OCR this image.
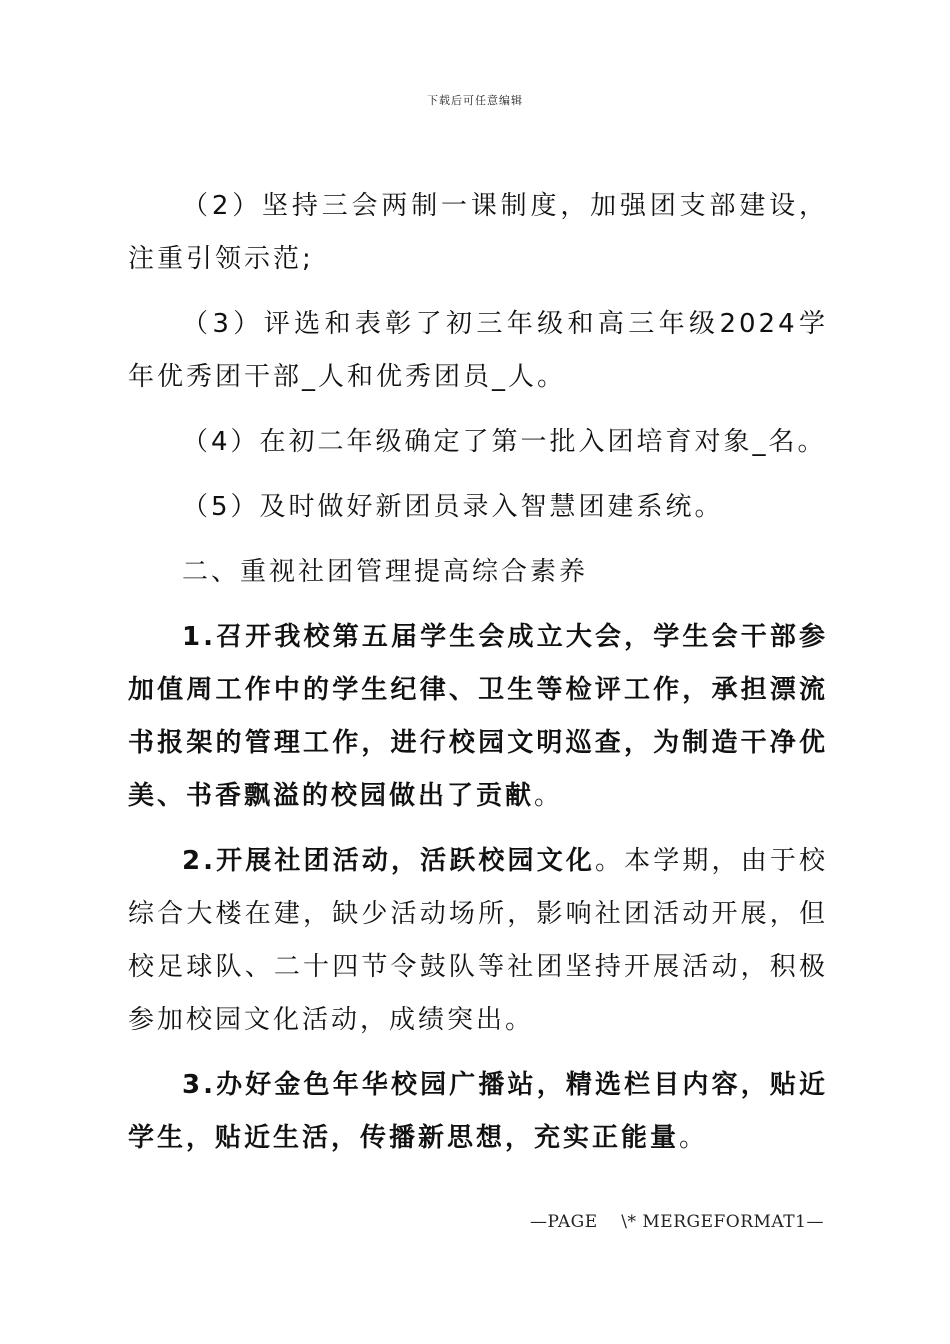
下载后可任意编辑

（2）坚持三会两制一课制度，加强团支部建设，注重引领示范;

（3）评选和表彰了初三年级和高三年级2024学年优秀团干部_人和优秀团员_人。

（4）在初二年级确定了第一批入团培育对象_名。

（5）及时做好新团员录入智慧团建系统。

二、重视社团管理提高综合素养

1.召开我校第五届学生会成立大会，学生会干部参加值周工作中的学生纪律、卫生等检评工作，承担漂流书报架的管理工作，进行校园文明巡查，为制造干净优美、书香飘溢的校园做出了贡献。

2.开展社团活动，活跃校园文化。本学期，由于校综合大楼在建，缺少活动场所，影响社团活动开展，但校足球队、二十四节令鼓队等社团坚持开展活动，积极参加校园文化活动，成绩突出。

3.办好金色年华校园广播站，精选栏目内容，贴近学生，贴近生活，传播新思想，充实正能量。

—PAGE    \* MERGEFORMAT1—
